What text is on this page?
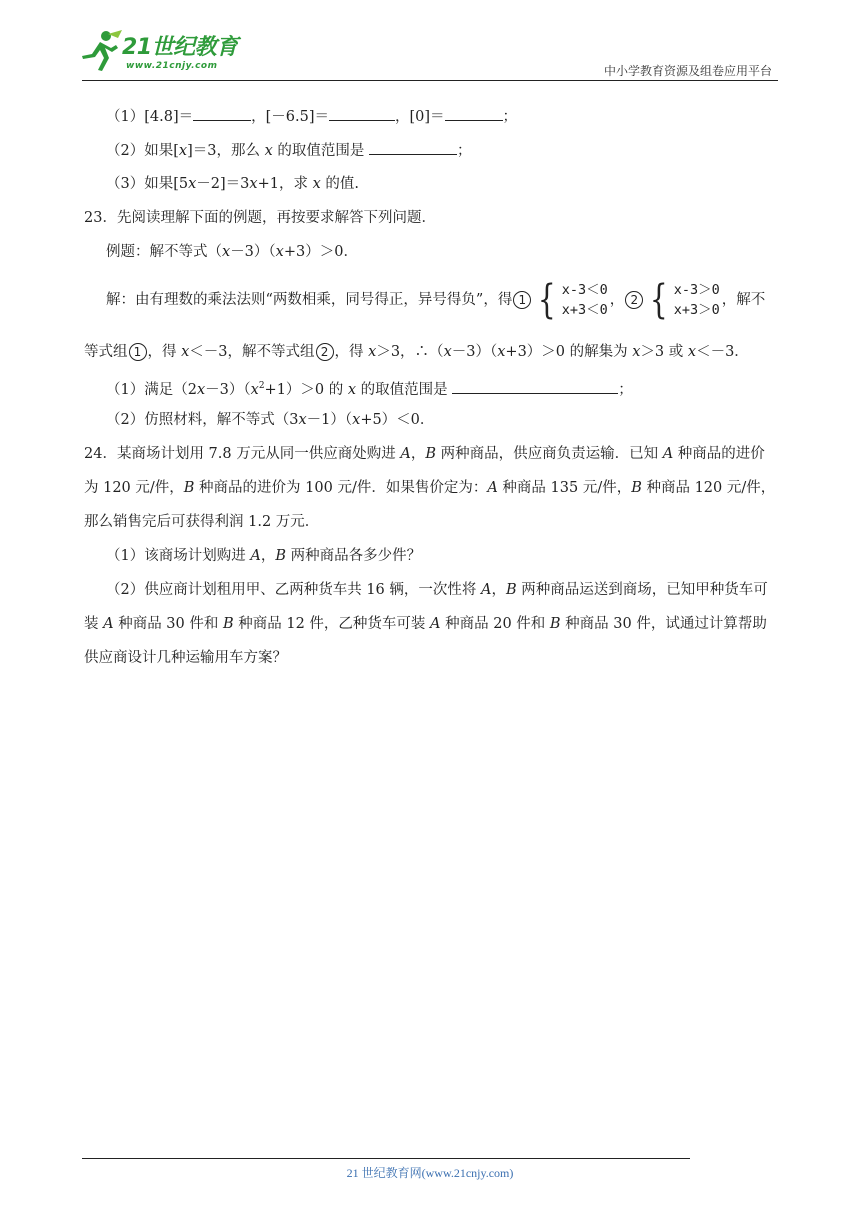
21世纪教育
www.21cnjy.com	中小学教育资源及组卷应用平台
（1）[4.8]＝	，[－6.5]＝	，[0]＝	；
（2）如果[x]＝3，那么 x 的取值范围是	；
（3）如果[5x－2]＝3x+1，求 x 的值.
23．先阅读理解下面的例题，再按要求解答下列问题．
例题：解不等式（x－3）（x+3）＞0．
解：由有理数的乘法法则“两数相乘，同号得正，异号得负”，得 1 { x-3＜0
x+3＜0
， 2 { x-3＞0
x+3＞0
，解不
等式组 1 ，得 x＜－3，解不等式组 2 ，得 x＞3，∴（x－3）（x+3）＞0 的解集为 x＞3 或 x＜－3．
（1）满足$(2x-3)(x^2+1)>0$ 的 x 的取值范围是	；
（2）仿照材料，解不等式（3x－1）（x+5）＜0．
24．某商场计划用 7.8 万元从同一供应商处购进 A，B 两种商品，供应商负责运输．已知 A 种商品的进价
为 120 元/件，B 种商品的进价为 100 元/件．如果售价定为：A 种商品 135 元/件，B 种商品 120 元/件，
那么销售完后可获得利润 1.2 万元．
（1）该商场计划购进 A，B 两种商品各多少件？
（2）供应商计划租用甲、乙两种货车共 16 辆，一次性将 A，B 两种商品运送到商场，已知甲种货车可
装 A 种商品 30 件和 B 种商品 12 件，乙种货车可装 A 种商品 20 件和 B 种商品 30 件，试通过计算帮助
供应商设计几种运输用车方案？
21 世纪教育网(www.21cnjy.com)
